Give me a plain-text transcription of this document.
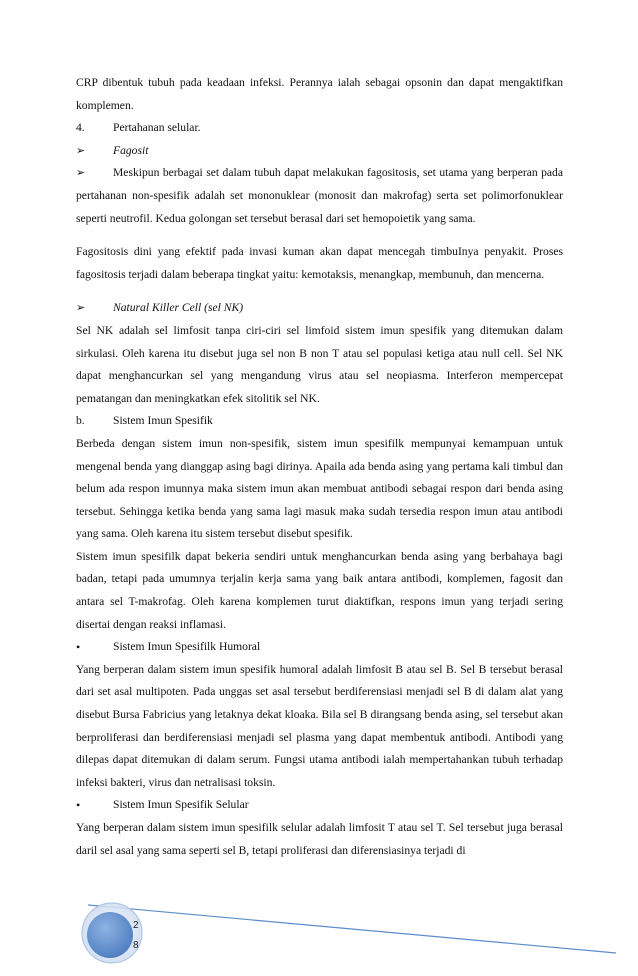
CRP dibentuk tubuh pada keadaan infeksi. Perannya ialah sebagai opsonin dan dapat mengaktifkan komplemen.

4.	Pertahanan selular.
➢	Fagosit
➢ Meskipun berbagai set dalam tubuh dapat melakukan fagositosis, set utama yang berperan pada pertahanan non-spesifik adalah set mononuklear (monosit dan makrofag) serta set polimorfonuklear seperti neutrofil. Kedua golongan set tersebut berasal dari set hemopoietik yang sama.

Fagositosis dini yang efektif pada invasi kuman akan dapat mencegah timbuInya penyakit. Proses fagositosis terjadi dalam beberapa tingkat yaitu: kemotaksis, menangkap, membunuh, dan mencerna.

➢	Natural Killer Cell (sel NK)

Sel NK adalah sel limfosit tanpa ciri-ciri sel limfoid sistem imun spesifik yang ditemukan dalam sirkulasi. Oleh karena itu disebut juga sel non B non T atau sel populasi ketiga atau null cell. Sel NK dapat menghancurkan sel yang mengandung virus atau sel neopiasma. Interferon mempercepat pematangan dan meningkatkan efek sitolitik sel NK.

b.	Sistem Imun Spesifik

Berbeda dengan sistem imun non-spesifik, sistem imun spesifilk mempunyai kemampuan untuk mengenal benda yang dianggap asing bagi dirinya. Apaila ada benda asing yang pertama kali timbul dan belum ada respon imunnya maka sistem imun akan membuat antibodi sebagai respon dari benda asing tersebut. Sehingga ketika benda yang sama lagi masuk maka sudah tersedia respon imun atau antibodi yang sama. Oleh karena itu sistem tersebut disebut spesifik.

Sistem imun spesifilk dapat bekeria sendiri untuk menghancurkan benda asing yang berbahaya bagi badan, tetapi pada umumnya terjalin kerja sama yang baik antara antibodi, komplemen, fagosit dan antara sel T-makrofag. Oleh karena komplemen turut diaktifkan, respons imun yang terjadi sering disertai dengan reaksi inflamasi.

•	Sistem Imun Spesifilk Humoral

Yang berperan dalam sistem imun spesifik humoral adalah limfosit B atau sel B. Sel B tersebut berasal dari set asal multipoten. Pada unggas set asal tersebut berdiferensiasi menjadi sel B di dalam alat yang disebut Bursa Fabricius yang letaknya dekat kloaka. Bila sel B dirangsang benda asing, sel tersebut akan berproliferasi dan berdiferensiasi menjadi sel plasma yang dapat membentuk antibodi. Antibodi yang dilepas dapat ditemukan di dalam serum. Fungsi utama antibodi ialah mempertahankan tubuh terhadap infeksi bakteri, virus dan netralisasi toksin.

•	Sistem Imun Spesifik Selular

Yang berperan dalam sistem imun spesifilk selular adalah limfosit T atau sel T. Sel tersebut juga berasal daril sel asal yang sama seperti sel B, tetapi proliferasi dan diferensiasinya terjadi di

2
8
